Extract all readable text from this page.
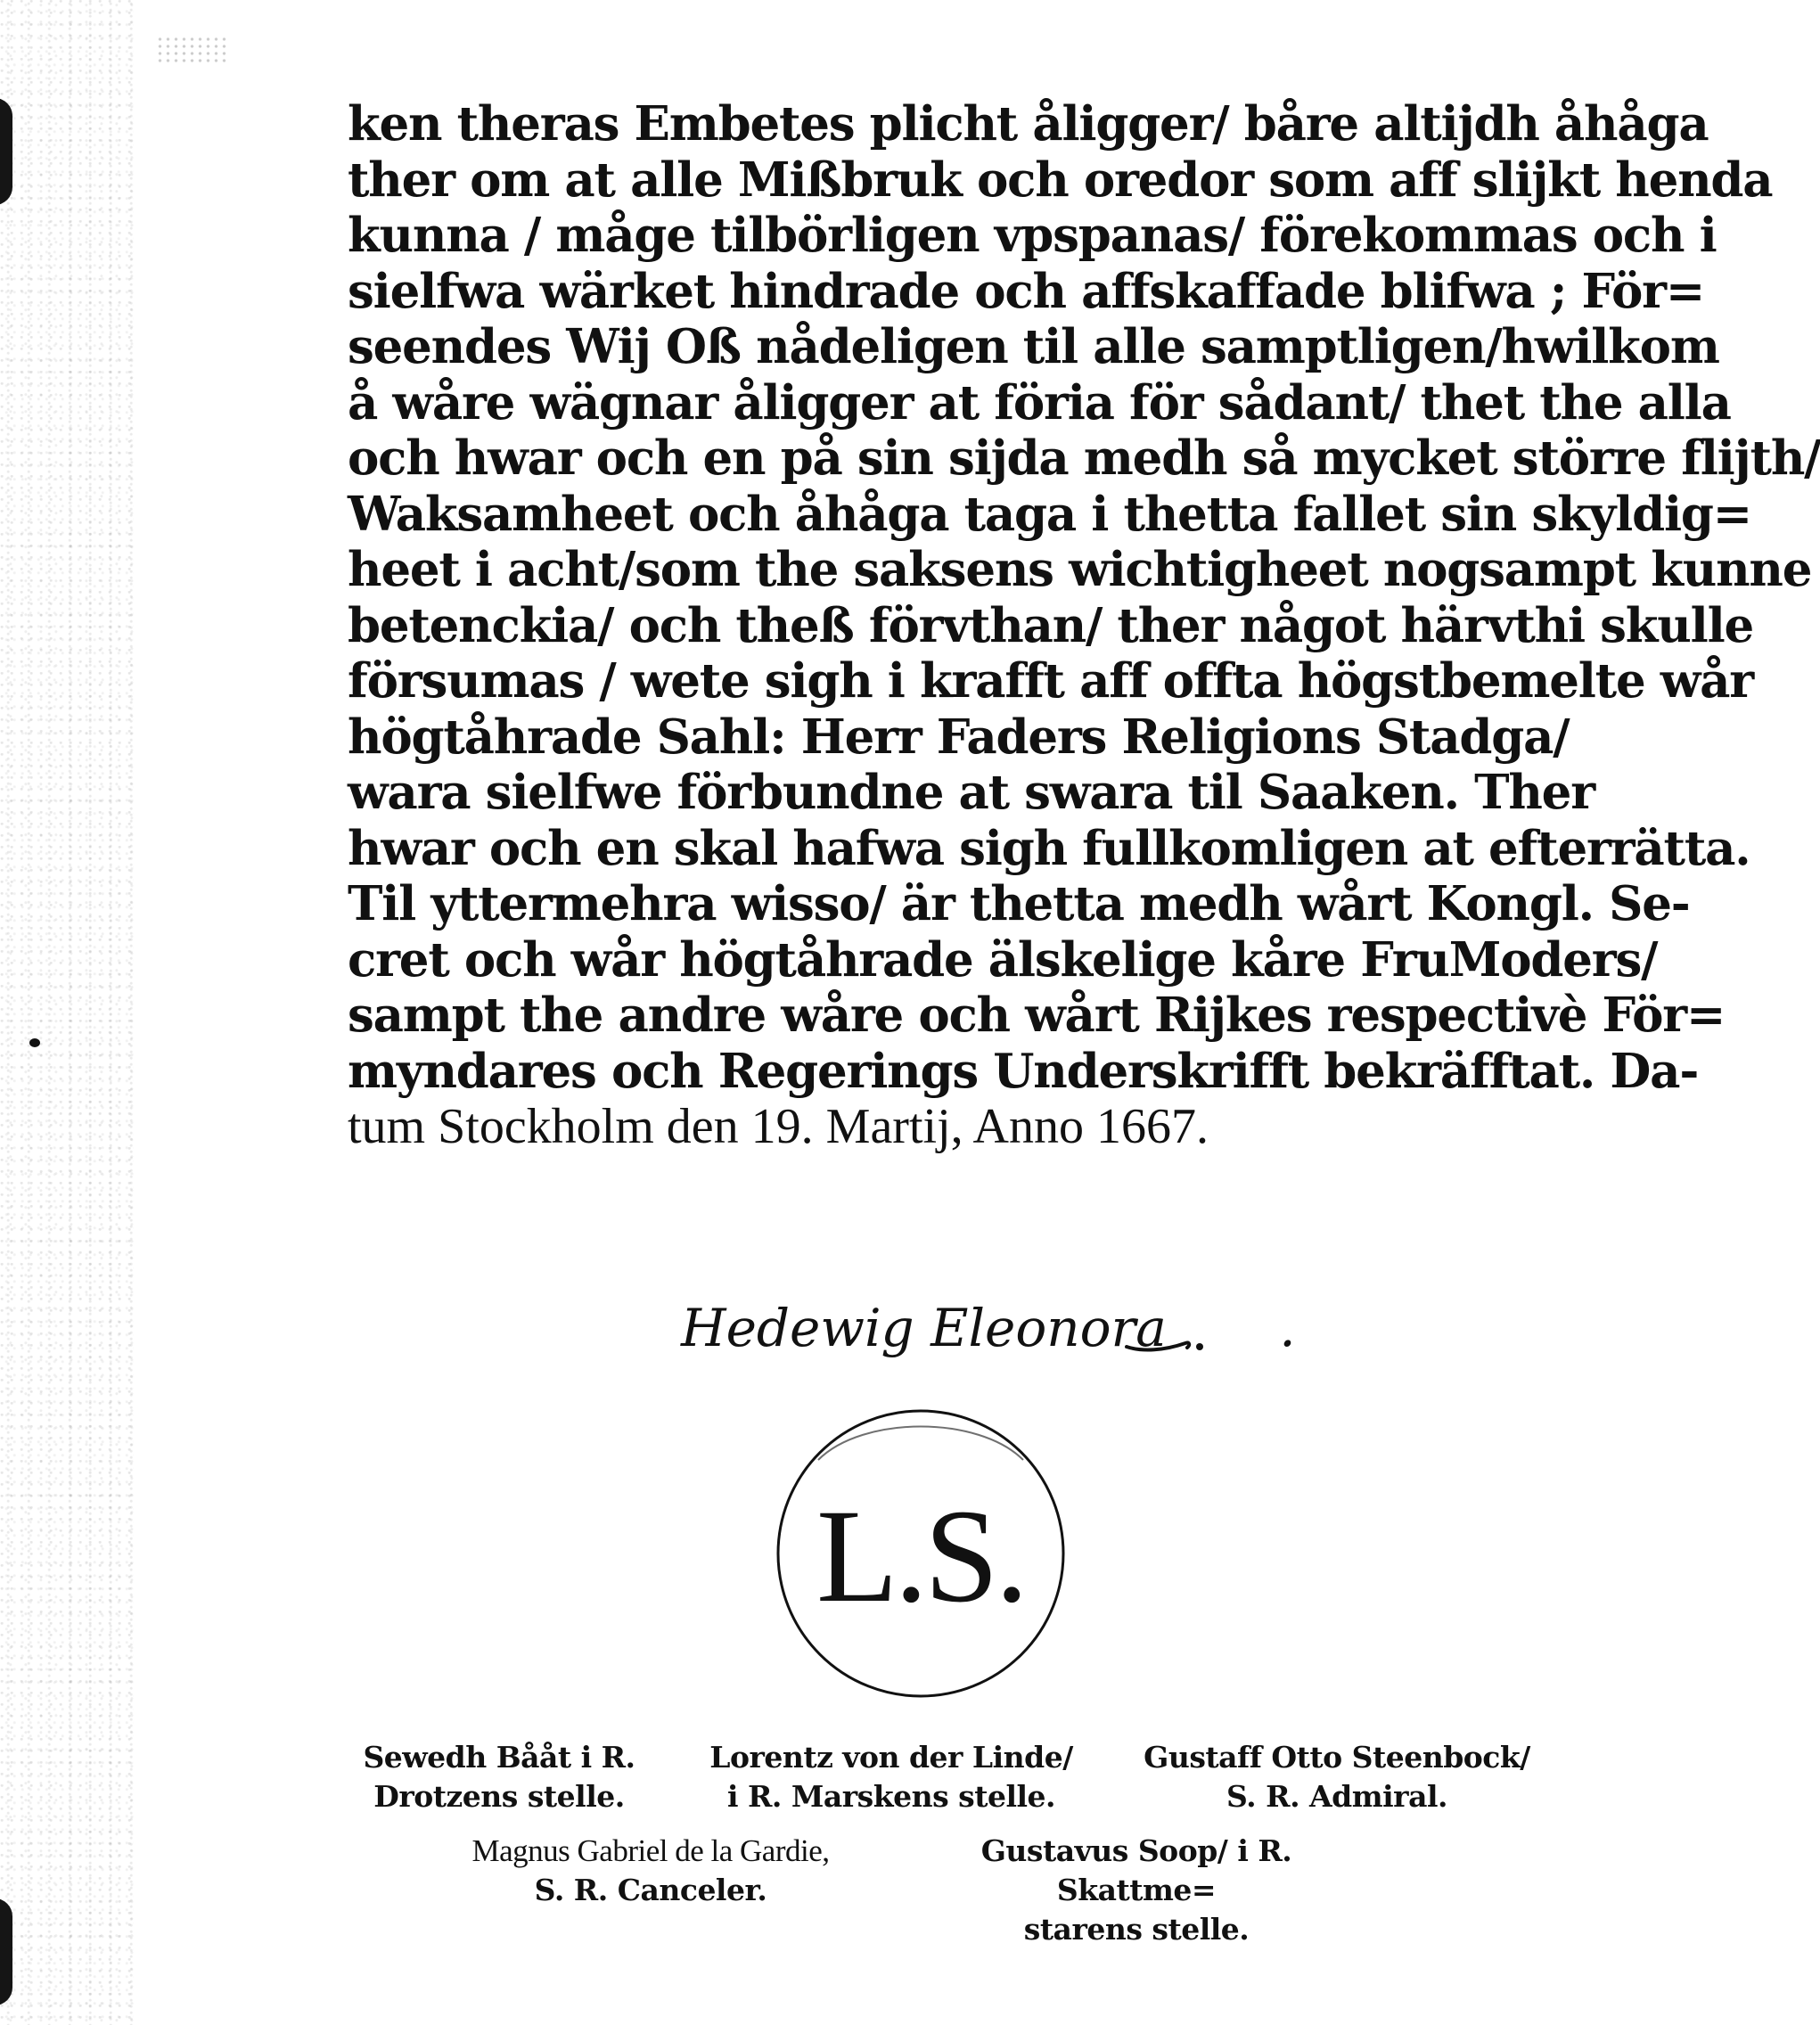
ken theras Embetes plicht åligger/ båre altijdh åhåga
ther om at alle Mißbruk och oredor som aff slijkt henda
kunna / måge tilbörligen vpspanas/ förekommas och i
sielfwa wärket hindrade och affskaffade blifwa ; För=
seendes Wij Oß nådeligen til alle samptligen/hwilkom
å wåre wägnar åligger at föria för sådant/ thet the alla
och hwar och en på sin sijda medh så mycket större flijth/
Waksamheet och åhåga taga i thetta fallet sin skyldig=
heet i acht/som the saksens wichtigheet nogsampt kunne
betenckia/ och theß förvthan/ ther något härvthi skulle
försumas / wete sigh i krafft aff offta högstbemelte wår
högtåhrade Sahl: Herr Faders Religions Stadga/
wara sielfwe förbundne at swara til Saaken. Ther
hwar och en skal hafwa sigh fullkomligen at efterrätta.
Til yttermehra wisso/ är thetta medh wårt Kongl. Se-
cret och wår högtåhrade älskelige kåre FruModers/
sampt the andre wåre och wårt Rijkes respectivè För=
myndares och Regerings Underskrifft bekräfftat. Da-
tum Stockholm den 19. Martij, Anno 1667.
Hedewig Eleonora .
L.S.
Sewedh Bååt i R.
Drotzens stelle.
Lorentz von der Linde/
i R. Marskens stelle.
Gustaff Otto Steenbock/
S. R. Admiral.
Magnus Gabriel de la Gardie,
S. R. Canceler.
Gustavus Soop/ i R. Skattme=
starens stelle.
